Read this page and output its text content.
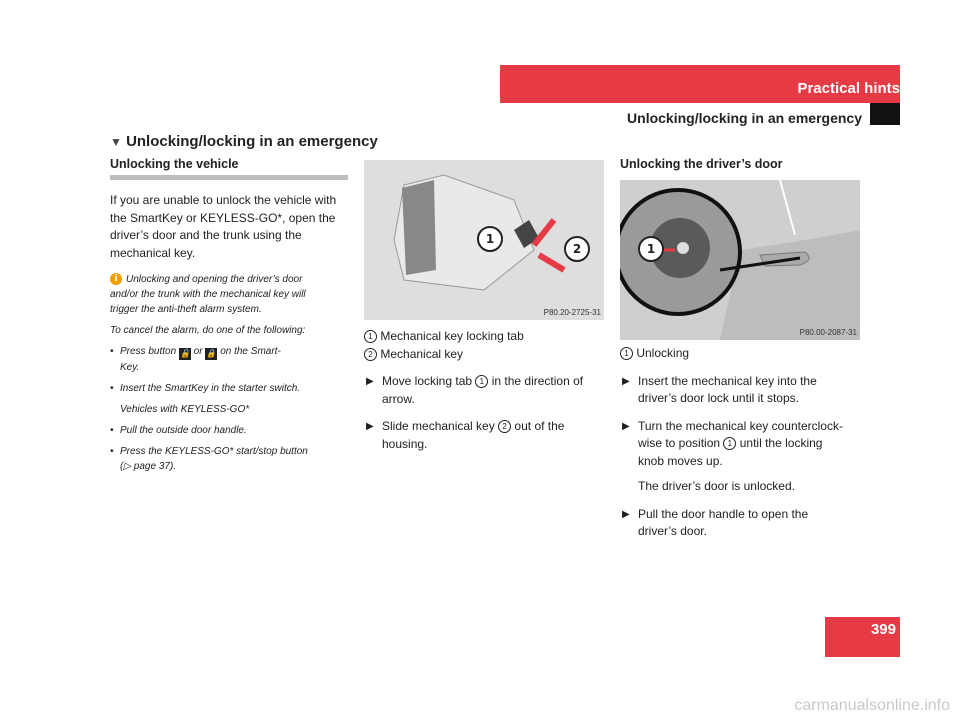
Practical hints
Unlocking/locking in an emergency
▼ Unlocking/locking in an emergency
Unlocking the vehicle
If you are unable to unlock the vehicle with
the SmartKey or KEYLESS-GO*, open the
driver’s door and the trunk using the
mechanical key.
i Unlocking and opening the driver’s door
and/or the trunk with the mechanical key will
trigger the anti-theft alarm system.
To cancel the alarm, do one of the following:
• Press button 🔓 or 🔒 on the Smart-
Key.
• Insert the SmartKey in the starter switch.
Vehicles with KEYLESS-GO*
• Pull the outside door handle.
• Press the KEYLESS-GO* start/stop button
(▷ page 37).
1
2
P80.20-2725-31
1 Mechanical key locking tab
2 Mechanical key
▶ Move locking tab 1 in the direction of
arrow.
▶ Slide mechanical key 2 out of the
housing.
Unlocking the driver’s door
1
P80.00-2087-31
1 Unlocking
▶ Insert the mechanical key into the
driver’s door lock until it stops.
▶ Turn the mechanical key counterclock-
wise to position 1 until the locking
knob moves up.
The driver’s door is unlocked.
▶ Pull the door handle to open the
driver’s door.
399
carmanualsonline.info
